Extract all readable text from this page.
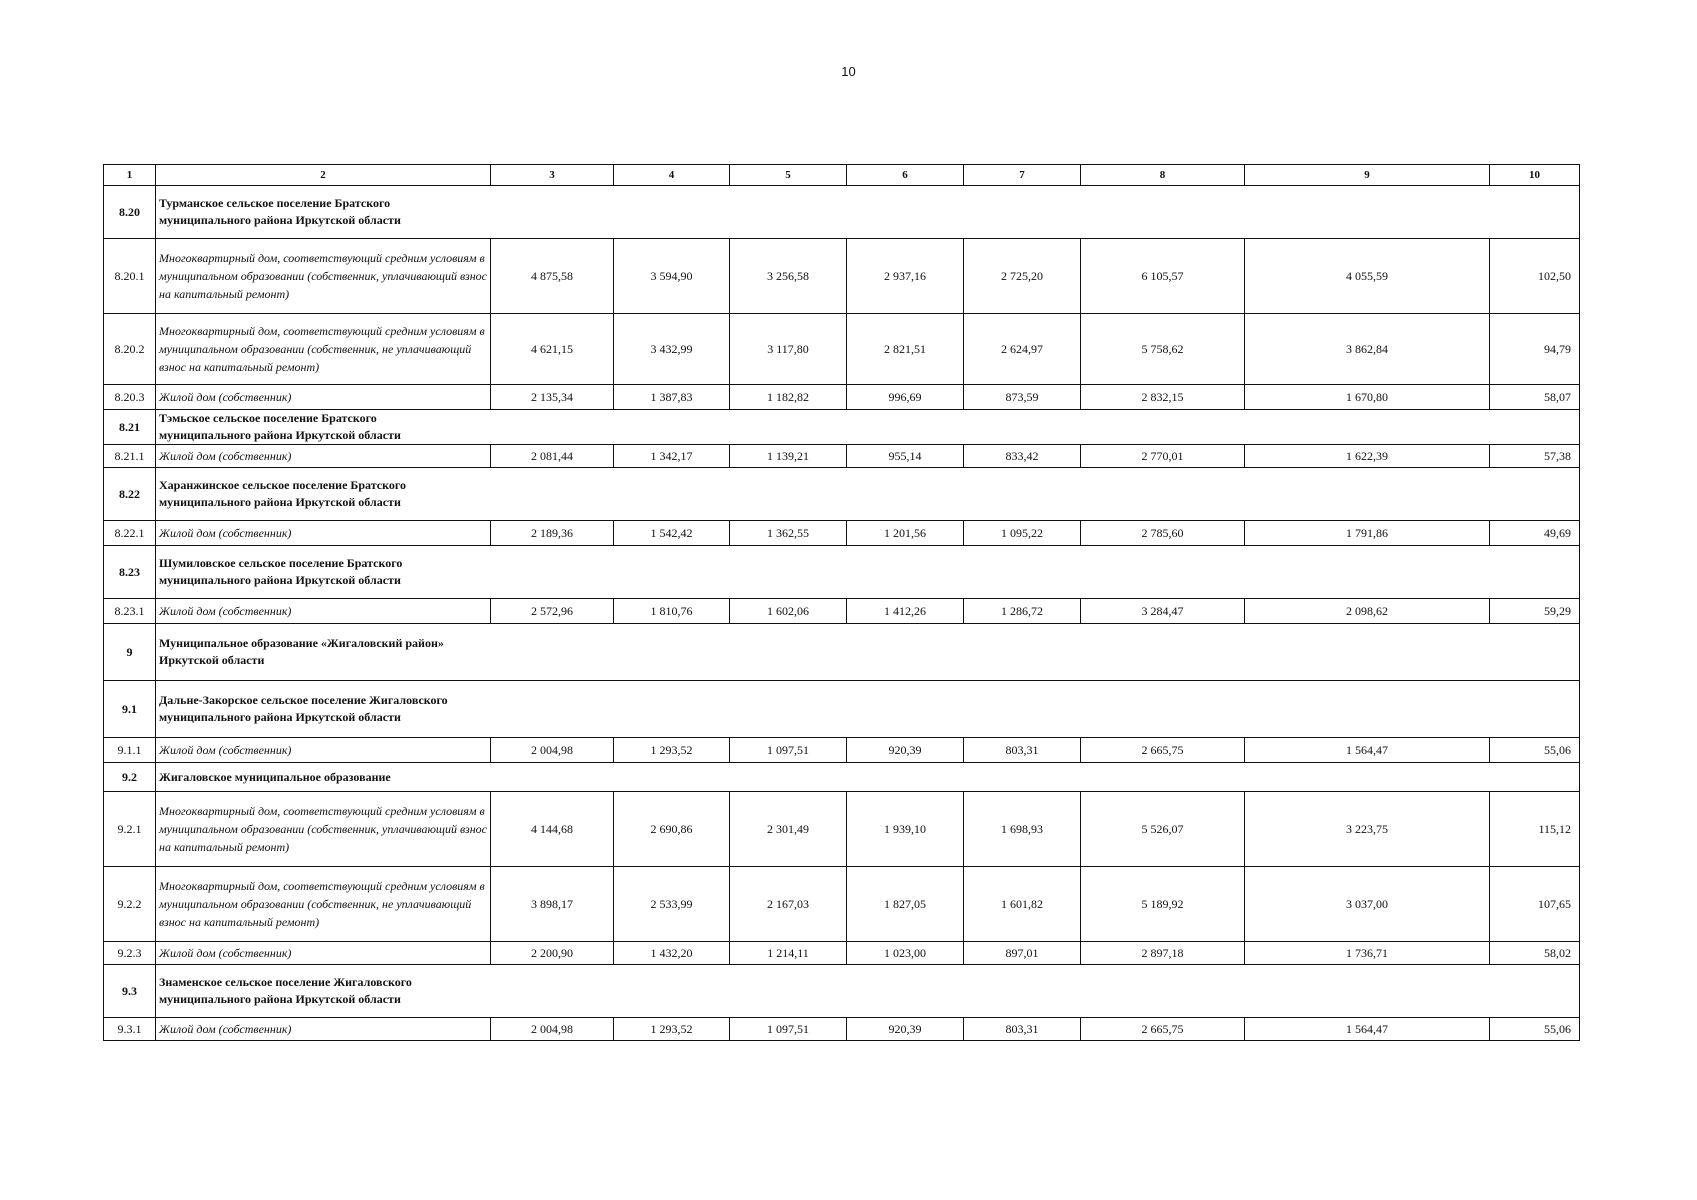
10
1	2	3	4	5	6	7	8	9	10
8.20	Турманское сельское поселение Братского муниципального района Иркутской области								
8.20.1	Многоквартирный дом, соответствующий средним условиям в муниципальном образовании (собственник, уплачивающий взнос на капитальный ремонт)	4 875,58	3 594,90	3 256,58	2 937,16	2 725,20	6 105,57	4 055,59	102,50
8.20.2	Многоквартирный дом, соответствующий средним условиям в муниципальном образовании (собственник, не уплачивающий взнос на капитальный ремонт)	4 621,15	3 432,99	3 117,80	2 821,51	2 624,97	5 758,62	3 862,84	94,79
8.20.3	Жилой дом (собственник)	2 135,34	1 387,83	1 182,82	996,69	873,59	2 832,15	1 670,80	58,07
8.21	Тэмьское сельское поселение Братского муниципального района Иркутской области								
8.21.1	Жилой дом (собственник)	2 081,44	1 342,17	1 139,21	955,14	833,42	2 770,01	1 622,39	57,38
8.22	Харанжинское сельское поселение Братского муниципального района Иркутской области								
8.22.1	Жилой дом (собственник)	2 189,36	1 542,42	1 362,55	1 201,56	1 095,22	2 785,60	1 791,86	49,69
8.23	Шумиловское сельское поселение Братского муниципального района Иркутской области								
8.23.1	Жилой дом (собственник)	2 572,96	1 810,76	1 602,06	1 412,26	1 286,72	3 284,47	2 098,62	59,29
9	Муниципальное образование «Жигаловский район» Иркутской области								
9.1	Дальне-Закорское сельское поселение Жигаловского муниципального района Иркутской области								
9.1.1	Жилой дом (собственник)	2 004,98	1 293,52	1 097,51	920,39	803,31	2 665,75	1 564,47	55,06
9.2	Жигаловское муниципальное образование								
9.2.1	Многоквартирный дом, соответствующий средним условиям в муниципальном образовании (собственник, уплачивающий взнос на капитальный ремонт)	4 144,68	2 690,86	2 301,49	1 939,10	1 698,93	5 526,07	3 223,75	115,12
9.2.2	Многоквартирный дом, соответствующий средним условиям в муниципальном образовании (собственник, не уплачивающий взнос на капитальный ремонт)	3 898,17	2 533,99	2 167,03	1 827,05	1 601,82	5 189,92	3 037,00	107,65
9.2.3	Жилой дом (собственник)	2 200,90	1 432,20	1 214,11	1 023,00	897,01	2 897,18	1 736,71	58,02
9.3	Знаменское сельское поселение Жигаловского муниципального района Иркутской области								
9.3.1	Жилой дом (собственник)	2 004,98	1 293,52	1 097,51	920,39	803,31	2 665,75	1 564,47	55,06
